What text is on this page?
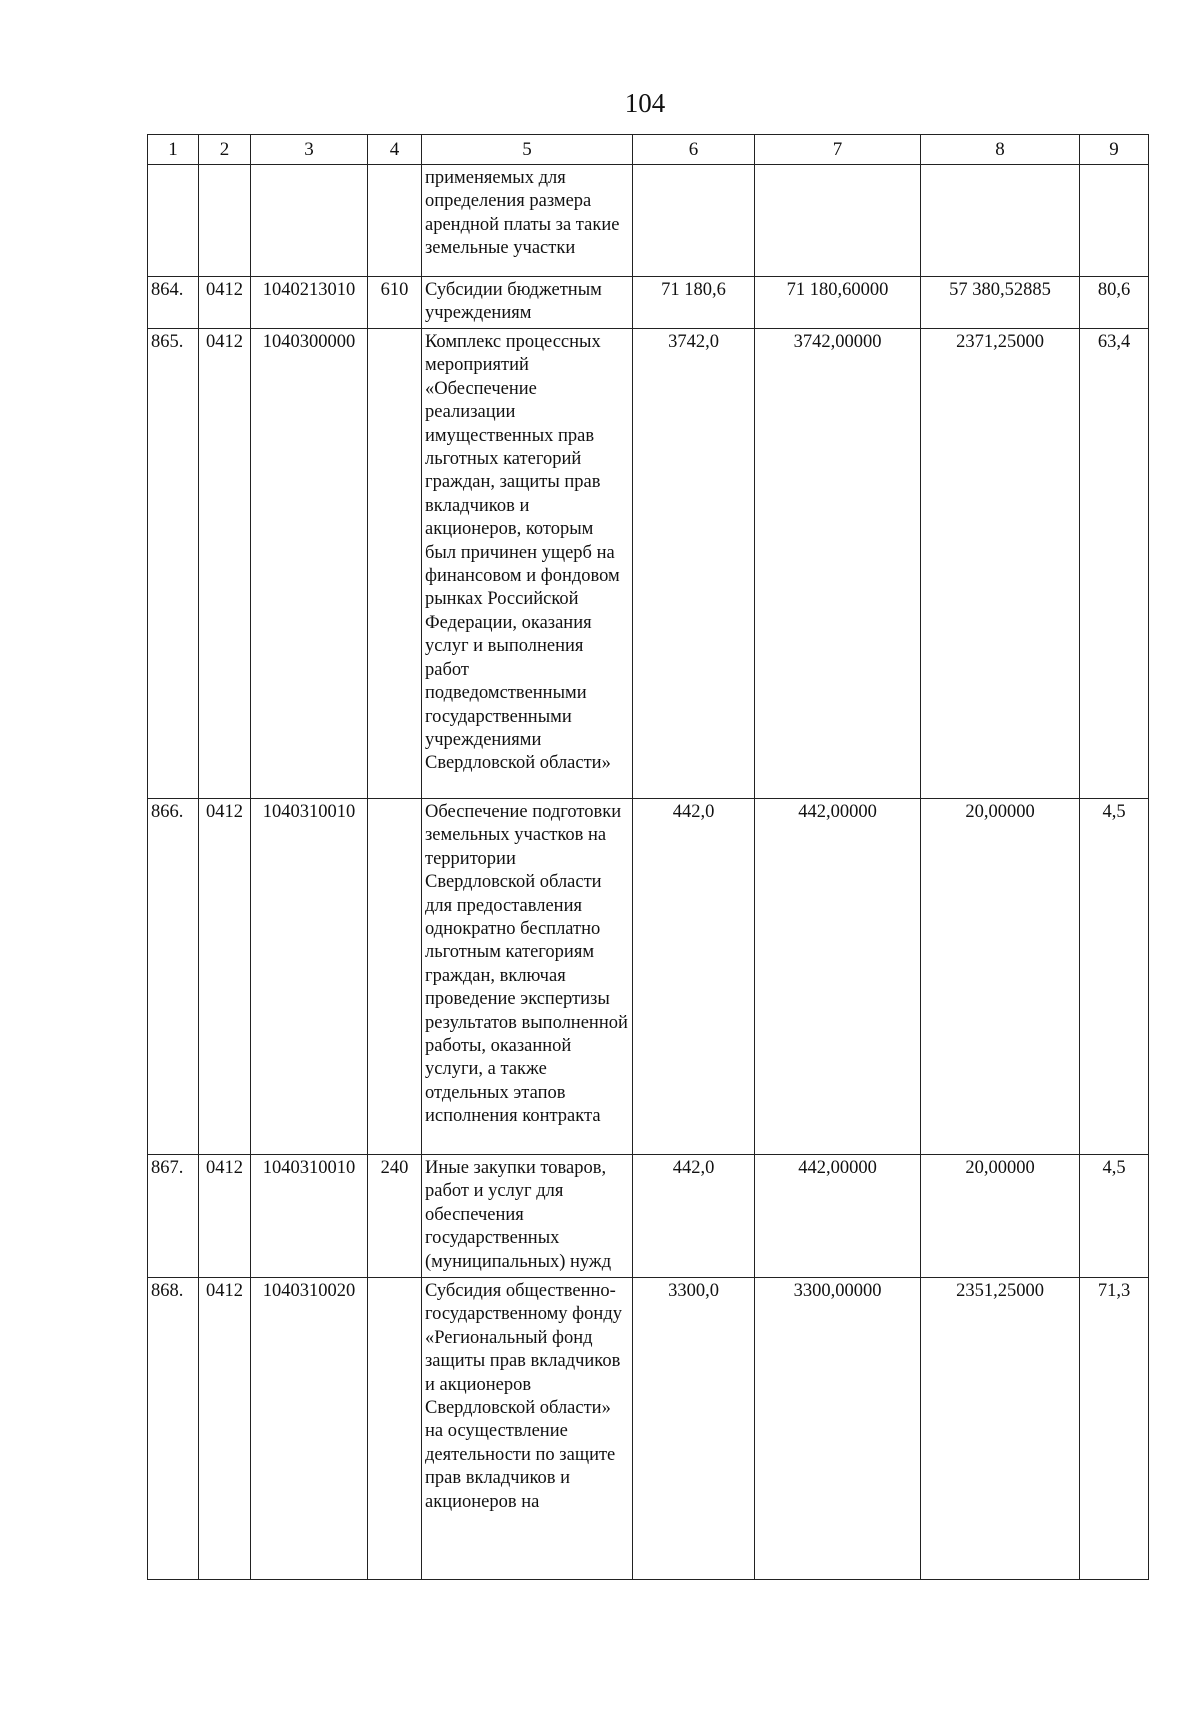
104
1	2	3	4	5	6	7	8	9
				применяемых для определения размера арендной платы за такие земельные участки				
864.	0412	1040213010	610	Субсидии бюджетным учреждениям	71 180,6	71 180,60000	57 380,52885	80,6
865.	0412	1040300000		Комплекс процессных мероприятий «Обеспечение реализации имущественных прав льготных категорий граждан, защиты прав вкладчиков и акционеров, которым был причинен ущерб на финансовом и фондовом рынках Российской Федерации, оказания услуг и выполнения работ подведомственными государственными учреждениями Свердловской области»	3742,0	3742,00000	2371,25000	63,4
866.	0412	1040310010		Обеспечение подготовки земельных участков на территории Свердловской области для предоставления однократно бесплатно льготным категориям граждан, включая проведение экспертизы результатов выполненной работы, оказанной услуги, а также отдельных этапов исполнения контракта	442,0	442,00000	20,00000	4,5
867.	0412	1040310010	240	Иные закупки товаров, работ и услуг для обеспечения государственных (муниципальных) нужд	442,0	442,00000	20,00000	4,5
868.	0412	1040310020		Субсидия общественно-государственному фонду «Региональный фонд защиты прав вкладчиков и акционеров Свердловской области» на осуществление деятельности по защите прав вкладчиков и акционеров на	3300,0	3300,00000	2351,25000	71,3
